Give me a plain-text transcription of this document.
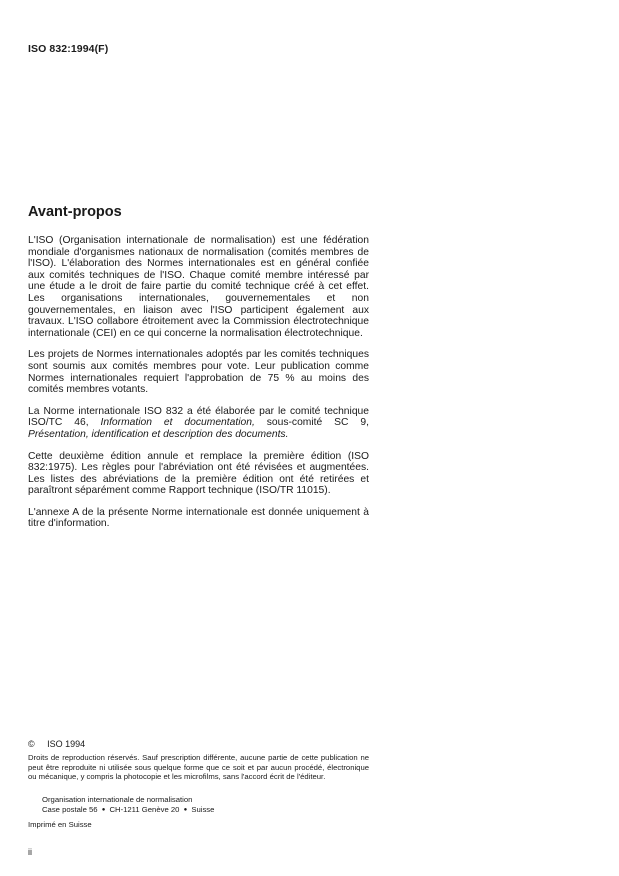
ISO 832:1994(F)
Avant-propos

L'ISO (Organisation internationale de normalisation) est une fédération mondiale d'organismes nationaux de normalisation (comités membres de l'ISO). L'élaboration des Normes internationales est en général confiée aux comités techniques de l'ISO. Chaque comité membre intéressé par une étude a le droit de faire partie du comité technique créé à cet effet. Les organisations internationales, gouvernementales et non gouvernementales, en liaison avec l'ISO participent également aux travaux. L'ISO collabore étroitement avec la Commission électrotechnique internationale (CEI) en ce qui concerne la normalisation électrotechnique.

Les projets de Normes internationales adoptés par les comités techniques sont soumis aux comités membres pour vote. Leur publication comme Normes internationales requiert l'approbation de 75 % au moins des comités membres votants.

La Norme internationale ISO 832 a été élaborée par le comité technique ISO/TC 46, Information et documentation, sous-comité SC 9, Présentation, identification et description des documents.

Cette deuxième édition annule et remplace la première édition (ISO 832:1975). Les règles pour l'abréviation ont été révisées et augmentées. Les listes des abréviations de la première édition ont été retirées et paraîtront séparément comme Rapport technique (ISO/TR 11015).

L'annexe A de la présente Norme internationale est donnée uniquement à titre d'information.

© ISO 1994

Droits de reproduction réservés. Sauf prescription différente, aucune partie de cette publication ne peut être reproduite ni utilisée sous quelque forme que ce soit et par aucun procédé, électronique ou mécanique, y compris la photocopie et les microfilms, sans l'accord écrit de l'éditeur.

Organisation internationale de normalisation
Case postale 56 ● CH-1211 Genève 20 ● Suisse
Imprimé en Suisse
ii
